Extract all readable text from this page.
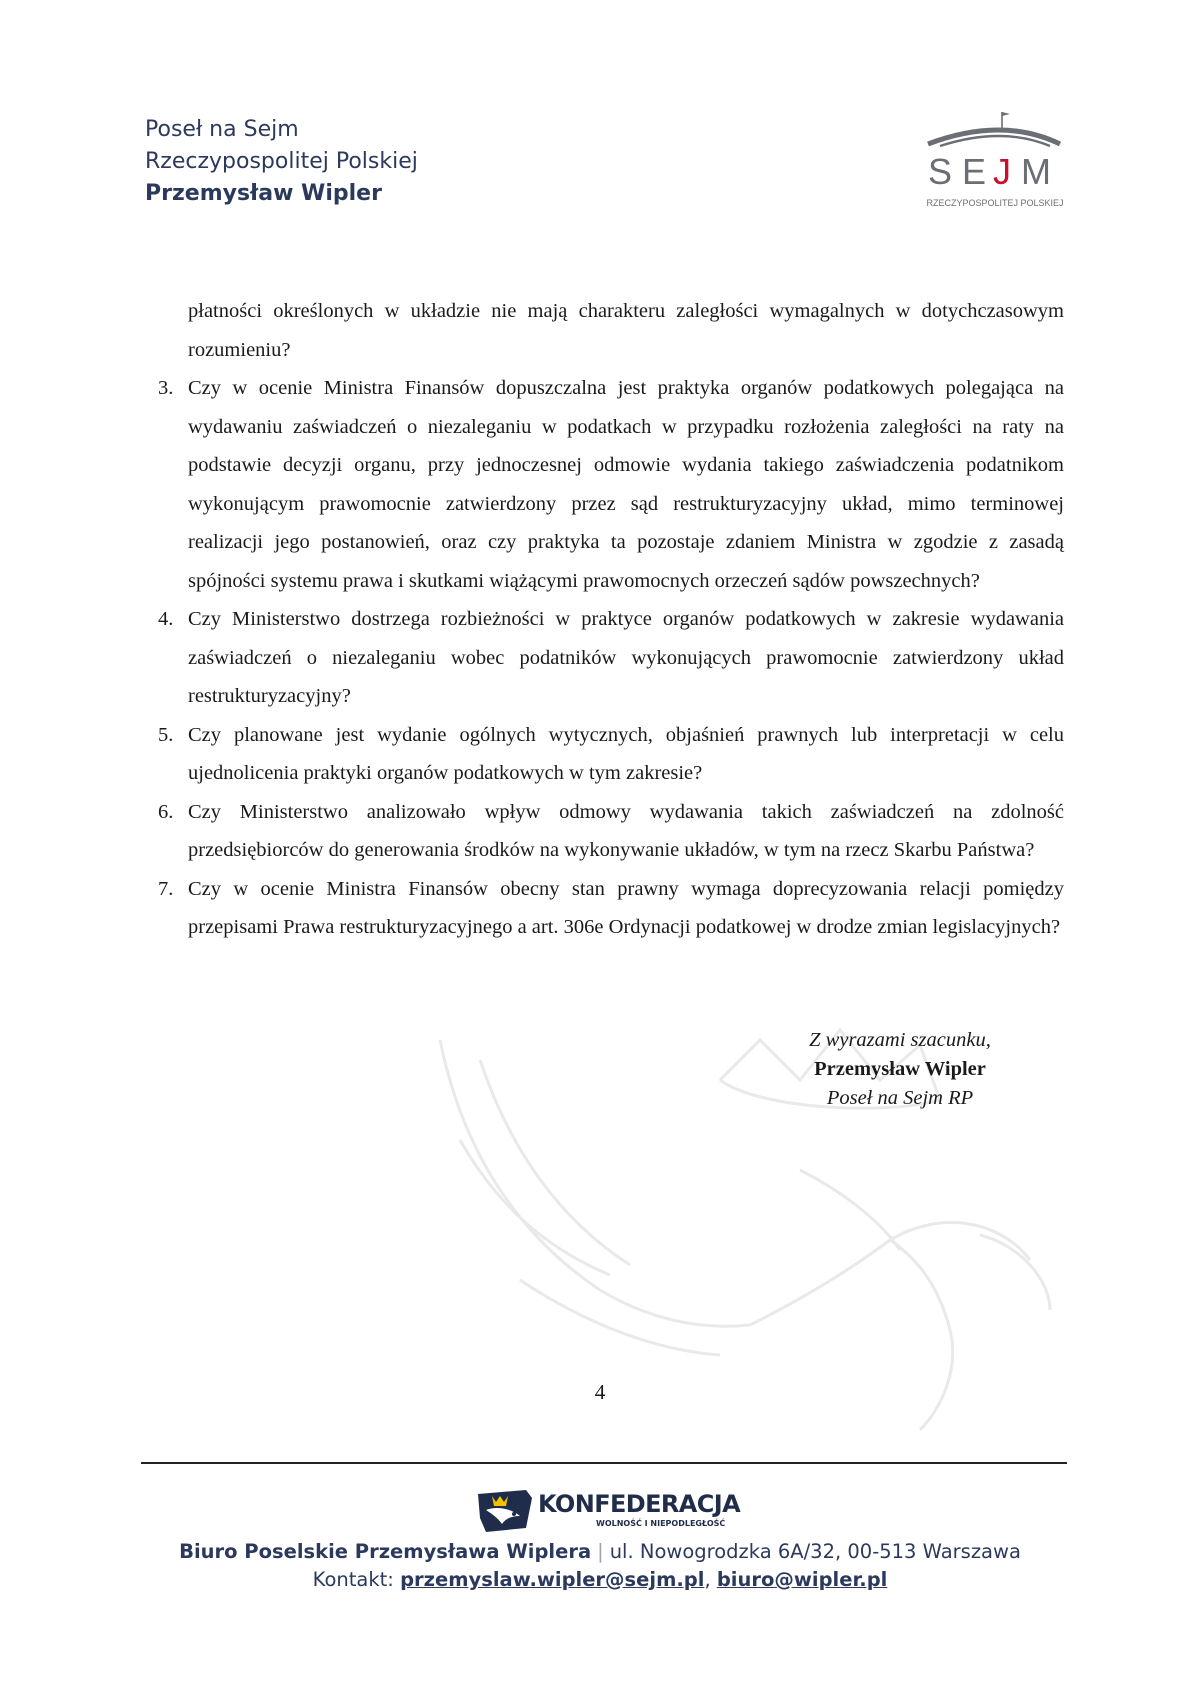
Poseł na Sejm
Rzeczypospolitej Polskiej
Przemysław Wipler
S E J M
RZECZYPOSPOLITEJ POLSKIEJ

płatności określonych w układzie nie mają charakteru zaległości wymagalnych w dotychczasowym rozumieniu?

3. Czy w ocenie Ministra Finansów dopuszczalna jest praktyka organów podatkowych polegająca na wydawaniu zaświadczeń o niezaleganiu w podatkach w przypadku rozłożenia zaległości na raty na podstawie decyzji organu, przy jednoczesnej odmowie wydania takiego zaświadczenia podatnikom wykonującym prawomocnie zatwierdzony przez sąd restrukturyzacyjny układ, mimo terminowej realizacji jego postanowień, oraz czy praktyka ta pozostaje zdaniem Ministra w zgodzie z zasadą spójności systemu prawa i skutkami wiążącymi prawomocnych orzeczeń sądów powszechnych?
4. Czy Ministerstwo dostrzega rozbieżności w praktyce organów podatkowych w zakresie wydawania zaświadczeń o niezaleganiu wobec podatników wykonujących prawomocnie zatwierdzony układ restrukturyzacyjny?
5. Czy planowane jest wydanie ogólnych wytycznych, objaśnień prawnych lub interpretacji w celu ujednolicenia praktyki organów podatkowych w tym zakresie?
6. Czy Ministerstwo analizowało wpływ odmowy wydawania takich zaświadczeń na zdolność przedsiębiorców do generowania środków na wykonywanie układów, w tym na rzecz Skarbu Państwa?
7. Czy w ocenie Ministra Finansów obecny stan prawny wymaga doprecyzowania relacji pomiędzy przepisami Prawa restrukturyzacyjnego a art. 306e Ordynacji podatkowej w drodze zmian legislacyjnych?
Z wyrazami szacunku,
Przemysław Wipler
Poseł na Sejm RP
4
KONFEDERACJA
WOLNOŚĆ I NIEPODLEGŁOŚĆ
Biuro Poselskie Przemysława Wiplera | ul. Nowogrodzka 6A/32, 00-513 Warszawa
Kontakt: przemyslaw.wipler@sejm.pl, biuro@wipler.pl
